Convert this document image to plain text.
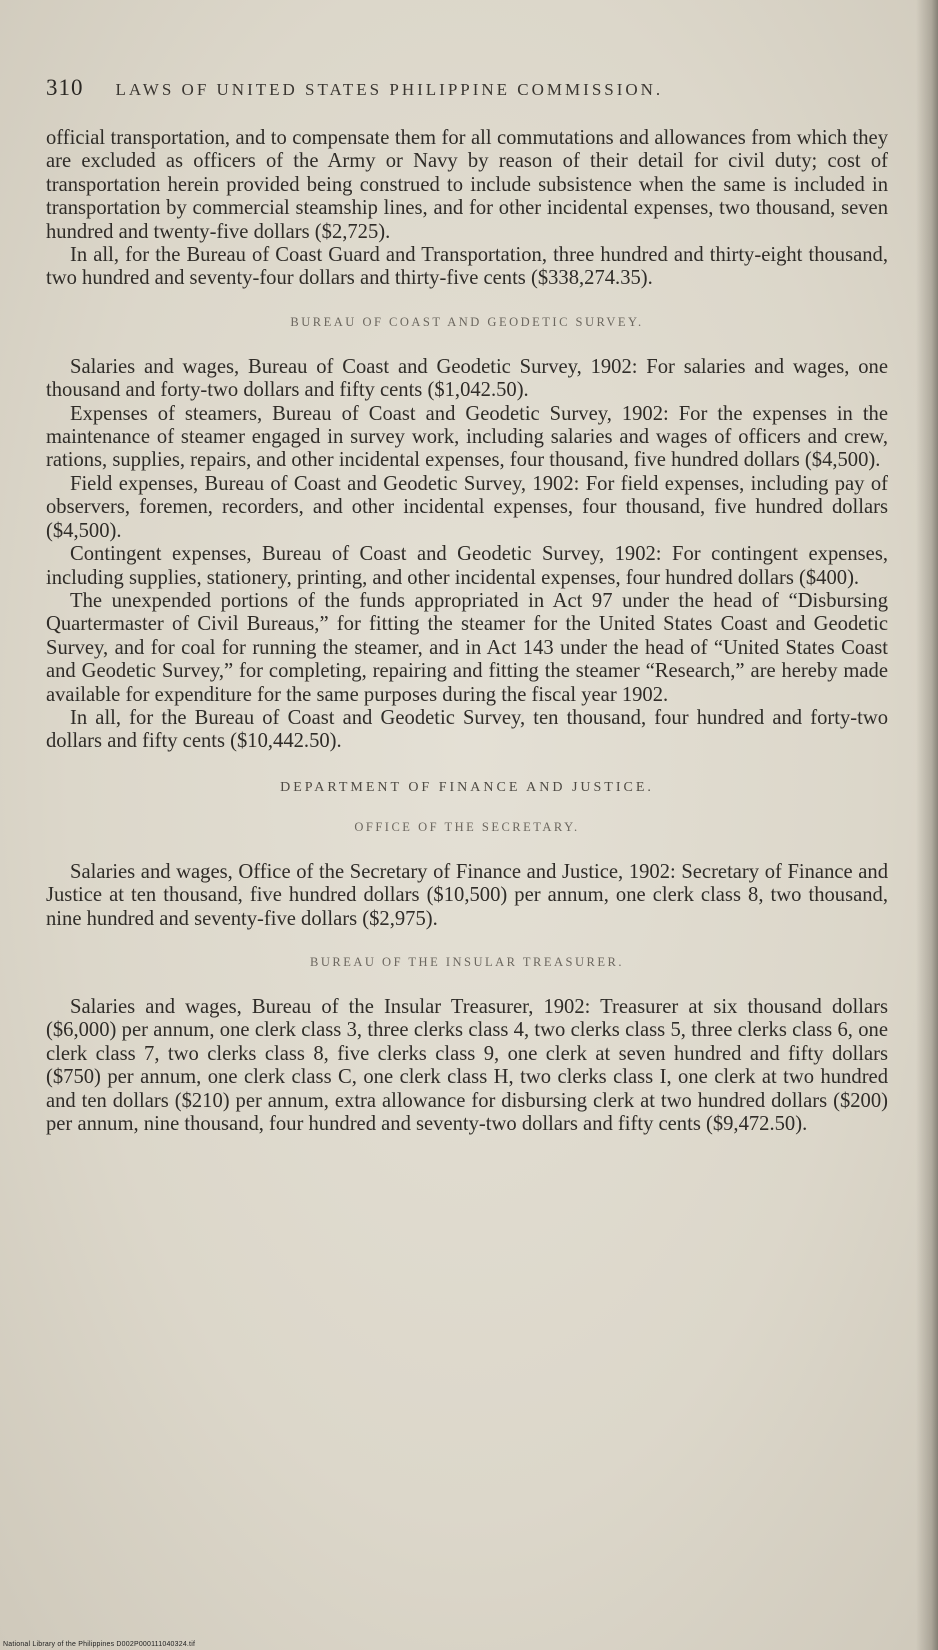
310 LAWS OF UNITED STATES PHILIPPINE COMMISSION.

official transportation, and to compensate them for all commutations and allowances from which they are excluded as officers of the Army or Navy by reason of their detail for civil duty; cost of transportation herein provided being construed to include subsistence when the same is included in transportation by commercial steamship lines, and for other incidental expenses, two thousand, seven hundred and twenty-five dollars ($2,725).

In all, for the Bureau of Coast Guard and Transportation, three hundred and thirty-eight thousand, two hundred and seventy-four dollars and thirty-five cents ($338,274.35).

BUREAU OF COAST AND GEODETIC SURVEY.

Salaries and wages, Bureau of Coast and Geodetic Survey, 1902: For salaries and wages, one thousand and forty-two dollars and fifty cents ($1,042.50).

Expenses of steamers, Bureau of Coast and Geodetic Survey, 1902: For the expenses in the maintenance of steamer engaged in survey work, including salaries and wages of officers and crew, rations, supplies, repairs, and other incidental expenses, four thousand, five hundred dollars ($4,500).

Field expenses, Bureau of Coast and Geodetic Survey, 1902: For field expenses, including pay of observers, foremen, recorders, and other incidental expenses, four thousand, five hundred dollars ($4,500).

Contingent expenses, Bureau of Coast and Geodetic Survey, 1902: For contingent expenses, including supplies, stationery, printing, and other incidental expenses, four hundred dollars ($400).

The unexpended portions of the funds appropriated in Act 97 under the head of “Disbursing Quartermaster of Civil Bureaus,” for fitting the steamer for the United States Coast and Geodetic Survey, and for coal for running the steamer, and in Act 143 under the head of “United States Coast and Geodetic Survey,” for completing, repairing and fitting the steamer “Research,” are hereby made available for expenditure for the same purposes during the fiscal year 1902.

In all, for the Bureau of Coast and Geodetic Survey, ten thousand, four hundred and forty-two dollars and fifty cents ($10,442.50).

DEPARTMENT OF FINANCE AND JUSTICE.
OFFICE OF THE SECRETARY.

Salaries and wages, Office of the Secretary of Finance and Justice, 1902: Secretary of Finance and Justice at ten thousand, five hundred dollars ($10,500) per annum, one clerk class 8, two thousand, nine hundred and seventy-five dollars ($2,975).

BUREAU OF THE INSULAR TREASURER.

Salaries and wages, Bureau of the Insular Treasurer, 1902: Treasurer at six thousand dollars ($6,000) per annum, one clerk class 3, three clerks class 4, two clerks class 5, three clerks class 6, one clerk class 7, two clerks class 8, five clerks class 9, one clerk at seven hundred and fifty dollars ($750) per annum, one clerk class C, one clerk class H, two clerks class I, one clerk at two hundred and ten dollars ($210) per annum, extra allowance for disbursing clerk at two hundred dollars ($200) per annum, nine thousand, four hundred and seventy-two dollars and fifty cents ($9,472.50).

National Library of the Philippines D002P000111040324.tif
